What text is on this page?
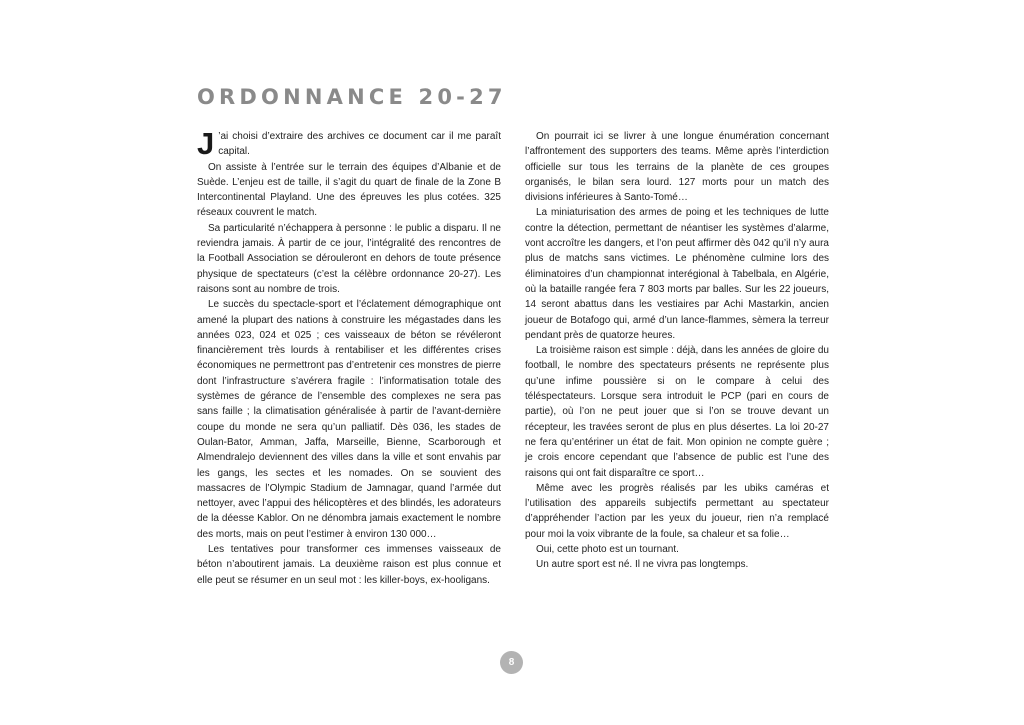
ORDONNANCE 20-27

J ’ai choisi d’extraire des archives ce document car il me paraît capital.

On assiste à l’entrée sur le terrain des équipes d’Albanie et de Suède. L’enjeu est de taille, il s’agit du quart de finale de la Zone B Intercontinental Playland. Une des épreuves les plus cotées. 325 réseaux couvrent le match.

Sa particularité n’échappera à personne : le public a disparu. Il ne reviendra jamais. À partir de ce jour, l’intégralité des rencontres de la Football Association se dérouleront en dehors de toute présence physique de spectateurs (c’est la célèbre ordonnance 20-27). Les raisons sont au nombre de trois.

Le succès du spectacle-sport et l’éclatement démographique ont amené la plupart des nations à construire les mégastades dans les années 023, 024 et 025 ; ces vaisseaux de béton se révéleront financièrement très lourds à rentabiliser et les différentes crises économiques ne permettront pas d’entretenir ces monstres de pierre dont l’infrastructure s’avérera fragile : l’informatisation totale des systèmes de gérance de l’ensemble des complexes ne sera pas sans faille ; la climatisation généralisée à partir de l’avant-dernière coupe du monde ne sera qu’un palliatif. Dès 036, les stades de Oulan-Bator, Amman, Jaffa, Marseille, Bienne, Scarborough et Almendralejo deviennent des villes dans la ville et sont envahis par les gangs, les sectes et les nomades. On se souvient des massacres de l’Olympic Stadium de Jamnagar, quand l’armée dut nettoyer, avec l’appui des hélicoptères et des blindés, les adorateurs de la déesse Kablor. On ne dénombra jamais exactement le nombre des morts, mais on peut l’estimer à environ 130 000…

Les tentatives pour transformer ces immenses vaisseaux de béton n’aboutirent jamais. La deuxième raison est plus connue et elle peut se résumer en un seul mot : les killer-boys, ex-hooligans.

On pourrait ici se livrer à une longue énumération concernant l’affrontement des supporters des teams. Même après l’interdiction officielle sur tous les terrains de la planète de ces groupes organisés, le bilan sera lourd. 127 morts pour un match des divisions inférieures à Santo-Tomé…

La miniaturisation des armes de poing et les techniques de lutte contre la détection, permettant de néantiser les systèmes d’alarme, vont accroître les dangers, et l’on peut affirmer dès 042 qu’il n’y aura plus de matchs sans victimes. Le phénomène culmine lors des éliminatoires d’un championnat interégional à Tabelbala, en Algérie, où la bataille rangée fera 7 803 morts par balles. Sur les 22 joueurs, 14 seront abattus dans les vestiaires par Achi Mastarkin, ancien joueur de Botafogo qui, armé d’un lance-flammes, sèmera la terreur pendant près de quatorze heures.

La troisième raison est simple : déjà, dans les années de gloire du football, le nombre des spectateurs présents ne représente plus qu’une infime poussière si on le compare à celui des téléspectateurs. Lorsque sera introduit le PCP (pari en cours de partie), où l’on ne peut jouer que si l’on se trouve devant un récepteur, les travées seront de plus en plus désertes. La loi 20-27 ne fera qu’entériner un état de fait. Mon opinion ne compte guère ; je crois encore cependant que l’absence de public est l’une des raisons qui ont fait disparaître ce sport…

Même avec les progrès réalisés par les ubiks caméras et l’utilisation des appareils subjectifs permettant au spectateur d’appréhender l’action par les yeux du joueur, rien n’a remplacé pour moi la voix vibrante de la foule, sa chaleur et sa folie…

Oui, cette photo est un tournant.

Un autre sport est né. Il ne vivra pas longtemps.

8
